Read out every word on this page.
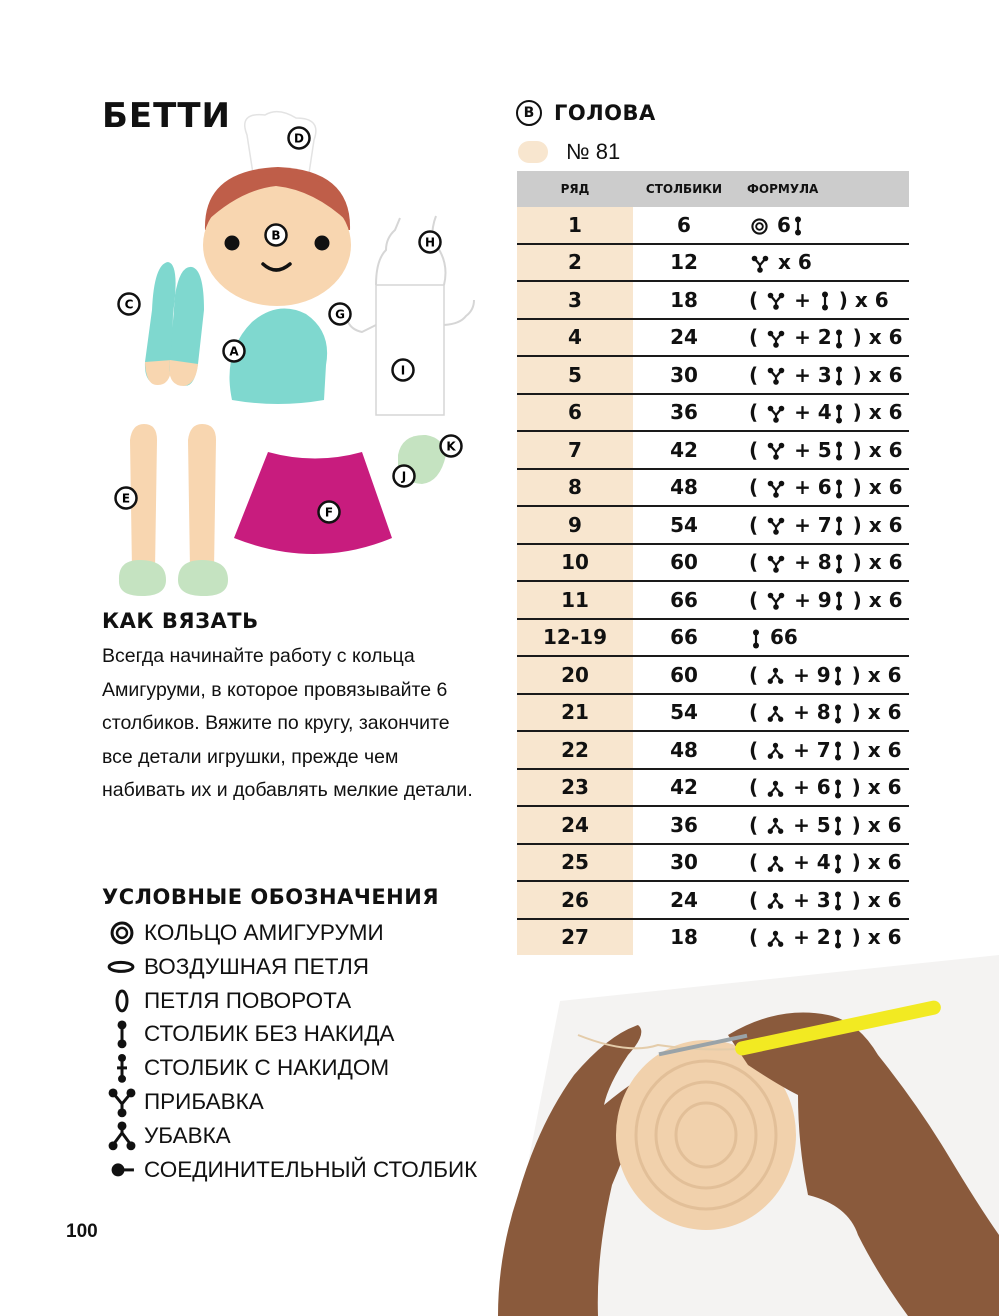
БЕТТИ
A
B
C
D
E
F
G
H
I
J
K
КАК ВЯЗАТЬ

Всегда начинайте работу с кольца Амигуруми, в которое провязывайте 6 столбиков. Вяжите по кругу, закончите все детали игрушки, прежде чем набивать их и добавлять мелкие детали.

УСЛОВНЫЕ ОБОЗНАЧЕНИЯ
КОЛЬЦО АМИГУРУМИ
ВОЗДУШНАЯ ПЕТЛЯ
ПЕТЛЯ ПОВОРОТА
СТОЛБИК БЕЗ НАКИДА
СТОЛБИК С НАКИДОМ
ПРИБАВКА
УБАВКА
СОЕДИНИТЕЛЬНЫЙ СТОЛБИК
100
B ГОЛОВА
№ 81
РЯД	СТОЛБИКИ	ФОРМУЛА
1	6	6
2	12	x 6
3	18	(  +  ) x 6
4	24	(  + 2 ) x 6
5	30	(  + 3 ) x 6
6	36	(  + 4 ) x 6
7	42	(  + 5 ) x 6
8	48	(  + 6 ) x 6
9	54	(  + 7 ) x 6
10	60	(  + 8 ) x 6
11	66	(  + 9 ) x 6
12-19	66	66
20	60	(  + 9 ) x 6
21	54	(  + 8 ) x 6
22	48	(  + 7 ) x 6
23	42	(  + 6 ) x 6
24	36	(  + 5 ) x 6
25	30	(  + 4 ) x 6
26	24	(  + 3 ) x 6
27	18	(  + 2 ) x 6
